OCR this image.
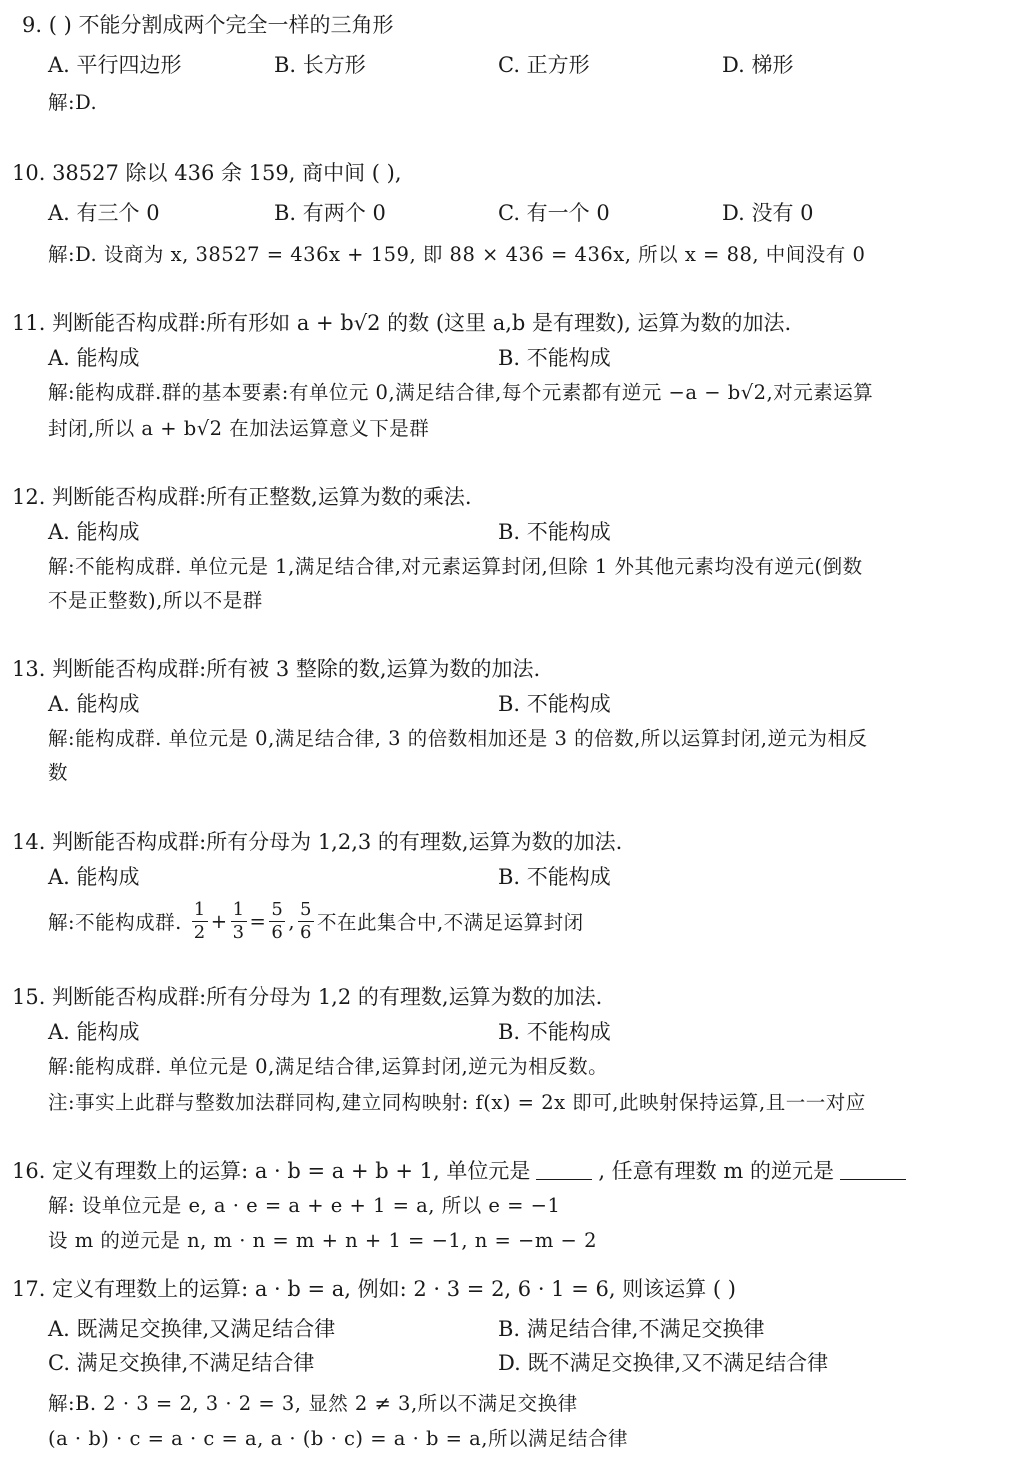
9. ( ) 不能分割成两个完全一样的三角形
A. 平行四边形	B. 长方形	C. 正方形	D. 梯形
解:D.
10. 38527 除以 436 余 159, 商中间 ( ),
A. 有三个 0	B. 有两个 0	C. 有一个 0	D. 没有 0
解:D. 设商为 x, 38527 = 436x + 159, 即 88 × 436 = 436x, 所以 x = 88, 中间没有 0
11. 判断能否构成群:所有形如 a + b√2 的数 (这里 a,b 是有理数), 运算为数的加法.
A. 能构成	B. 不能构成
解:能构成群.群的基本要素:有单位元 0,满足结合律,每个元素都有逆元 −a − b√2,对元素运算
封闭,所以 a + b√2 在加法运算意义下是群
12. 判断能否构成群:所有正整数,运算为数的乘法.
A. 能构成	B. 不能构成
解:不能构成群. 单位元是 1,满足结合律,对元素运算封闭,但除 1 外其他元素均没有逆元(倒数
不是正整数),所以不是群
13. 判断能否构成群:所有被 3 整除的数,运算为数的加法.
A. 能构成	B. 不能构成
解:能构成群. 单位元是 0,满足结合律, 3 的倍数相加还是 3 的倍数,所以运算封闭,逆元为相反
数
14. 判断能否构成群:所有分母为 1,2,3 的有理数,运算为数的加法.
A. 能构成	B. 不能构成
解:不能构成群. $\frac{1}{2} + \frac{1}{3} = \frac{5}{6}$ , $\frac{5}{6}$ 不在此集合中,不满足运算封闭
15. 判断能否构成群:所有分母为 1,2 的有理数,运算为数的加法.
A. 能构成	B. 不能构成
解:能构成群. 单位元是 0,满足结合律,运算封闭,逆元为相反数。
注:事实上此群与整数加法群同构,建立同构映射: f(x) = 2x 即可,此映射保持运算,且一一对应
16. 定义有理数上的运算: a · b = a + b + 1, 单位元是	, 任意有理数 m 的逆元是
解: 设单位元是 e, a · e = a + e + 1 = a, 所以 e = −1
设 m 的逆元是 n, m · n = m + n + 1 = −1, n = −m − 2
17. 定义有理数上的运算: a · b = a, 例如: 2 · 3 = 2, 6 · 1 = 6, 则该运算 ( )
A. 既满足交换律,又满足结合律	B. 满足结合律,不满足交换律
C. 满足交换律,不满足结合律	D. 既不满足交换律,又不满足结合律
解:B. 2 · 3 = 2, 3 · 2 = 3, 显然 2 ≠ 3,所以不满足交换律
(a · b) · c = a · c = a, a · (b · c) = a · b = a,所以满足结合律
